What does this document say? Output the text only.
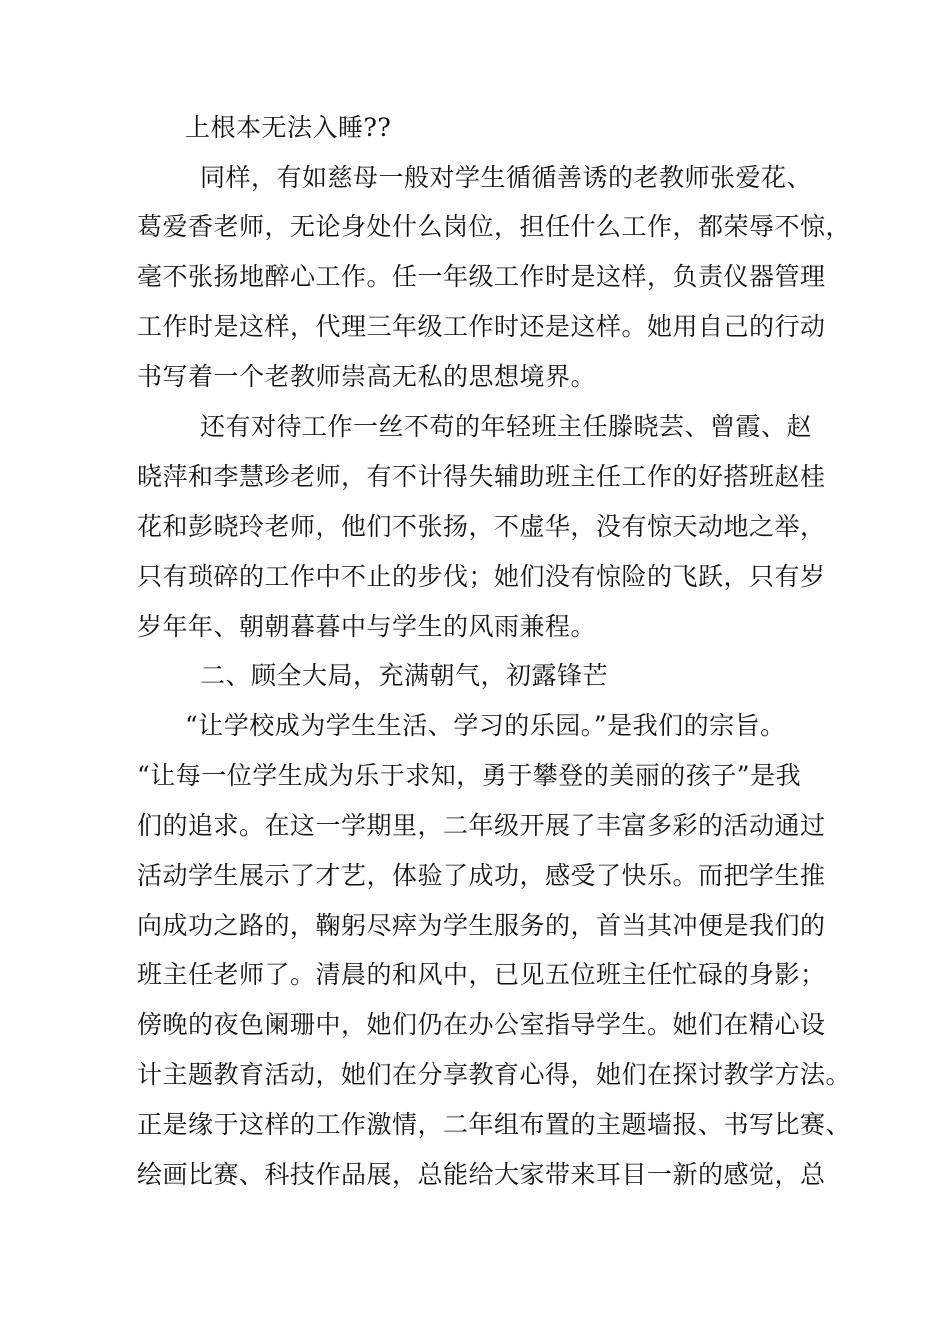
上根本无法入睡??
同样，有如慈母一般对学生循循善诱的老教师张爱花、
葛爱香老师，无论身处什么岗位，担任什么工作，都荣辱不惊，
毫不张扬地醉心工作。任一年级工作时是这样，负责仪器管理
工作时是这样，代理三年级工作时还是这样。她用自己的行动
书写着一个老教师崇高无私的思想境界。
还有对待工作一丝不苟的年轻班主任滕晓芸、曾霞、赵
晓萍和李慧珍老师，有不计得失辅助班主任工作的好搭班赵桂
花和彭晓玲老师，他们不张扬，不虚华，没有惊天动地之举，
只有琐碎的工作中不止的步伐；她们没有惊险的飞跃，只有岁
岁年年、朝朝暮暮中与学生的风雨兼程。
二、顾全大局，充满朝气，初露锋芒
“让学校成为学生生活、学习的乐园。”是我们的宗旨。
“让每一位学生成为乐于求知，勇于攀登的美丽的孩子”是我
们的追求。在这一学期里，二年级开展了丰富多彩的活动通过
活动学生展示了才艺，体验了成功，感受了快乐。而把学生推
向成功之路的，鞠躬尽瘁为学生服务的，首当其冲便是我们的
班主任老师了。清晨的和风中，已见五位班主任忙碌的身影；
傍晚的夜色阑珊中，她们仍在办公室指导学生。她们在精心设
计主题教育活动，她们在分享教育心得，她们在探讨教学方法。
正是缘于这样的工作激情，二年组布置的主题墙报、书写比赛、
绘画比赛、科技作品展，总能给大家带来耳目一新的感觉，总
